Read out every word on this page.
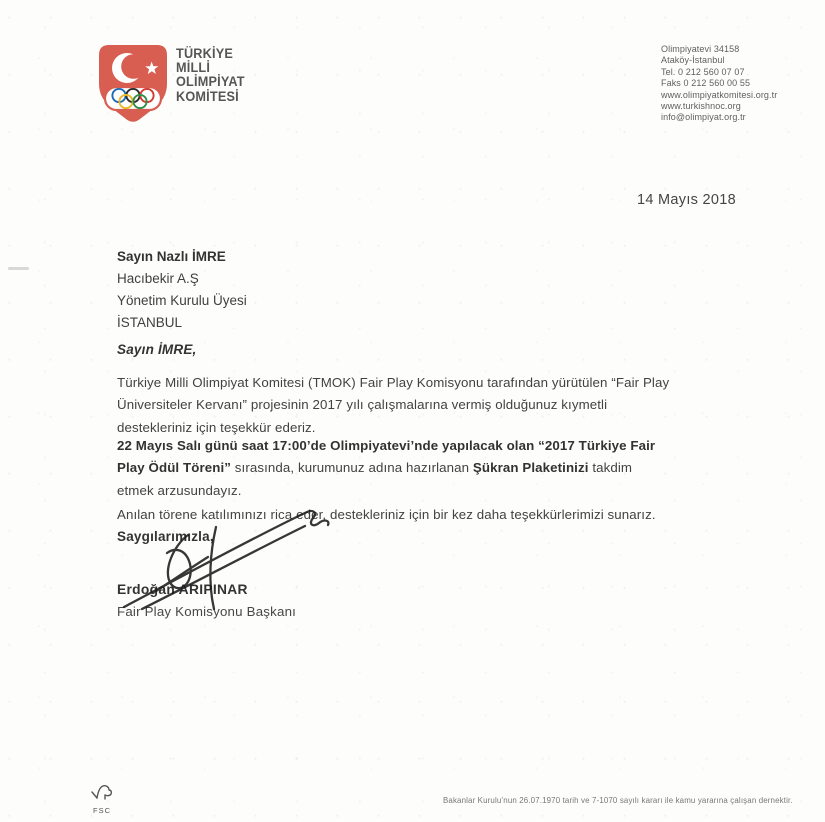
TÜRKİYE
MİLLİ
OLİMPİYAT
KOMİTESİ
Olimpiyatevi 34158
Ataköy-İstanbul
Tel. 0 212 560 07 07
Faks 0 212 560 00 55
www.olimpiyatkomitesi.org.tr
www.turkishnoc.org
info@olimpiyat.org.tr
14 Mayıs 2018
Sayın Nazlı İMRE
Hacıbekir A.Ş
Yönetim Kurulu Üyesi
İSTANBUL
Sayın İMRE,
Türkiye Milli Olimpiyat Komitesi (TMOK) Fair Play Komisyonu tarafından yürütülen “Fair Play
Üniversiteler Kervanı” projesinin 2017 yılı çalışmalarına vermiş olduğunuz kıymetli
destekleriniz için teşekkür ederiz.
22 Mayıs Salı günü saat 17:00’de Olimpiyatevi’nde yapılacak olan “2017 Türkiye Fair
Play Ödül Töreni” sırasında, kurumunuz adına hazırlanan Şükran Plaketinizi takdim
etmek arzusundayız.
Anılan törene katılımınızı rica eder, destekleriniz için bir kez daha teşekkürlerimizi sunarız.
Saygılarımızla,
Erdoğan ARIPINAR
Fair Play Komisyonu Başkanı
FSC
Bakanlar Kurulu’nun 26.07.1970 tarih ve 7-1070 sayılı kararı ile kamu yararına çalışan dernektir.
